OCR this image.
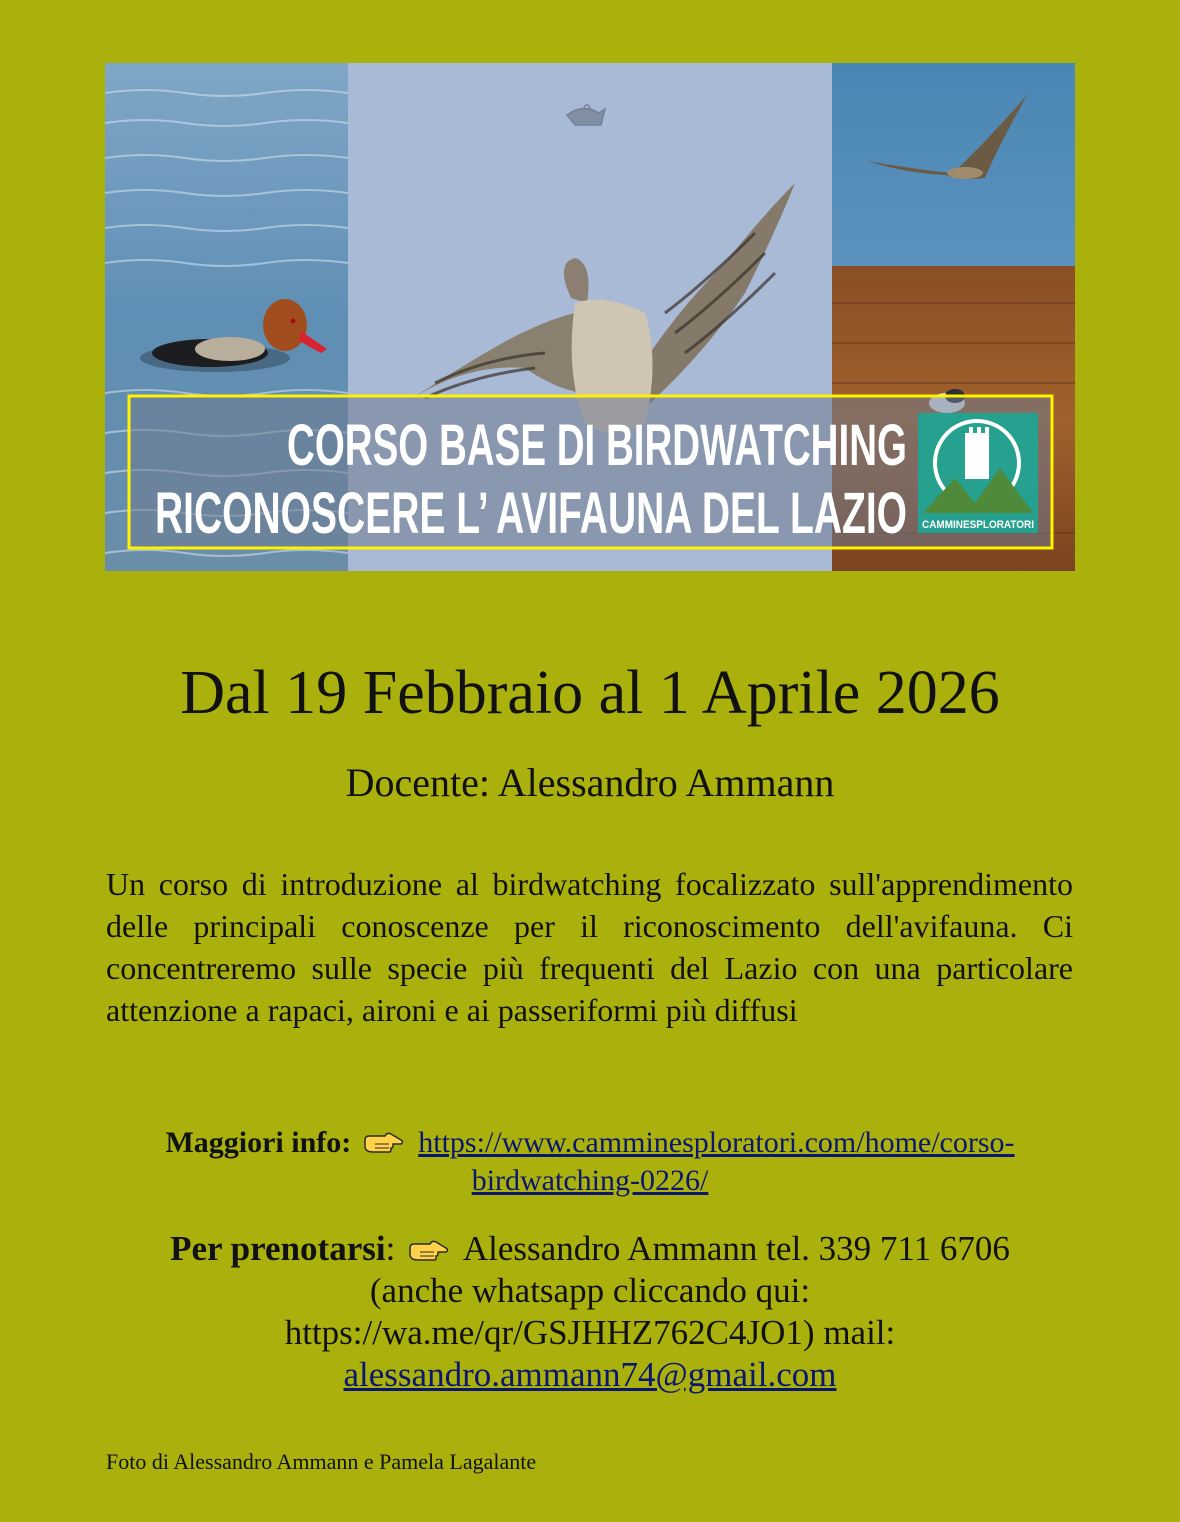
CORSO BASE DI BIRDWATCHING
RICONOSCERE L’ AVIFAUNA DEL LAZIO CAMMINESPLORATORI
Dal 19 Febbraio al 1 Aprile 2026
Docente: Alessandro Ammann

Un corso di introduzione al birdwatching focalizzato sull'apprendimento delle principali conoscenze per il riconoscimento dell'avifauna. Ci concentreremo sulle specie più frequenti del Lazio con una particolare attenzione a rapaci, aironi e ai passeriformi più diffusi

Maggiori info: https://www.camminesploratori.com/home/corso-birdwatching-0226/
Per prenotarsi: Alessandro Ammann tel. 339 711 6706 (anche whatsapp cliccando qui: https://wa.me/qr/GSJHHZ762C4JO1) mail: alessandro.ammann74@gmail.com
Foto di Alessandro Ammann e Pamela Lagalante
